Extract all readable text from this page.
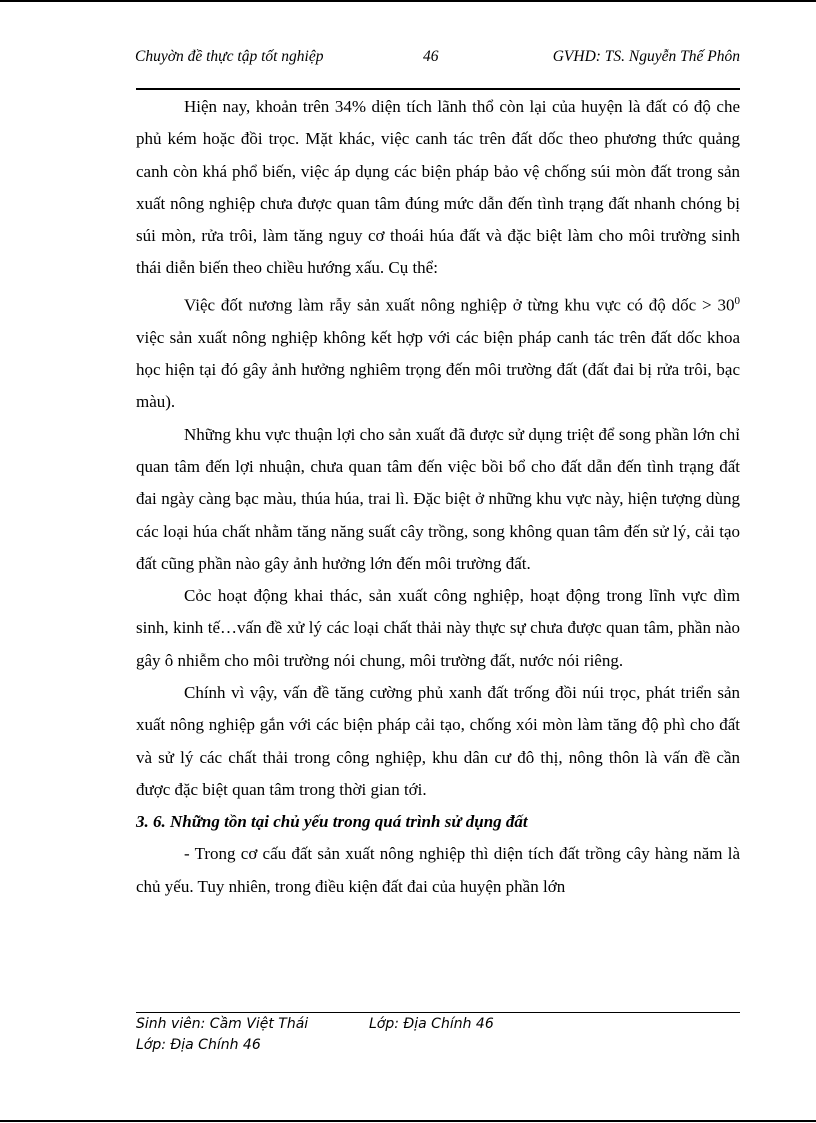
Chuyờn đề thực tập tốt nghiệp	46	GVHD: TS. Nguyễn Thế Phôn

Hiện nay, khoản trên 34% diện tích lãnh thổ còn lại của huyện là đất có độ che phủ kém hoặc đồi trọc. Mặt khác, việc canh tác trên đất dốc theo phương thức quảng canh còn khá phổ biến, việc áp dụng các biện pháp bảo vệ chống súi mòn đất trong sản xuất nông nghiệp chưa được quan tâm đúng mức dẫn đến tình trạng đất nhanh chóng bị súi mòn, rửa trôi, làm tăng nguy cơ thoái húa đất và đặc biệt làm cho môi trường sinh thái diễn biến theo chiều hướng xấu. Cụ thể:

Việc đốt nương làm rẫy sản xuất nông nghiệp ở từng khu vực có độ dốc > $30^0$ việc sản xuất nông nghiệp không kết hợp với các biện pháp canh tác trên đất dốc khoa học hiện tại đó gây ảnh hưởng nghiêm trọng đến môi trường đất (đất đai bị rửa trôi, bạc màu).

Những khu vực thuận lợi cho sản xuất đã được sử dụng triệt để song phần lớn chỉ quan tâm đến lợi nhuận, chưa quan tâm đến việc bồi bổ cho đất dẫn đến tình trạng đất đai ngày càng bạc màu, thúa húa, trai lì. Đặc biệt ở những khu vực này, hiện tượng dùng các loại húa chất nhằm tăng năng suất cây trồng, song không quan tâm đến sử lý, cải tạo đất cũng phần nào gây ảnh hưởng lớn đến môi trường đất.

Cỏc hoạt động khai thác, sản xuất công nghiệp, hoạt động trong lĩnh vực dìm sinh, kinh tế…vấn đề xử lý các loại chất thải này thực sự chưa được quan tâm, phần nào gây ô nhiễm cho môi trường nói chung, môi trường đất, nước nói riêng.

Chính vì vậy, vấn đề tăng cường phủ xanh đất trống đồi núi trọc, phát triển sản xuất nông nghiệp gắn với các biện pháp cải tạo, chống xói mòn làm tăng độ phì cho đất và sử lý các chất thải trong công nghiệp, khu dân cư đô thị, nông thôn là vấn đề cần được đặc biệt quan tâm trong thời gian tới.

3. 6. Những tồn tại chủ yếu trong quá trình sử dụng đất

- Trong cơ cấu đất sản xuất nông nghiệp thì diện tích đất trồng cây hàng năm là chủ yếu. Tuy nhiên, trong điều kiện đất đai của huyện phần lớn

Sinh viên: Cầm Việt Thái	Lớp: Địa Chính 46
Lớp: Địa Chính 46
